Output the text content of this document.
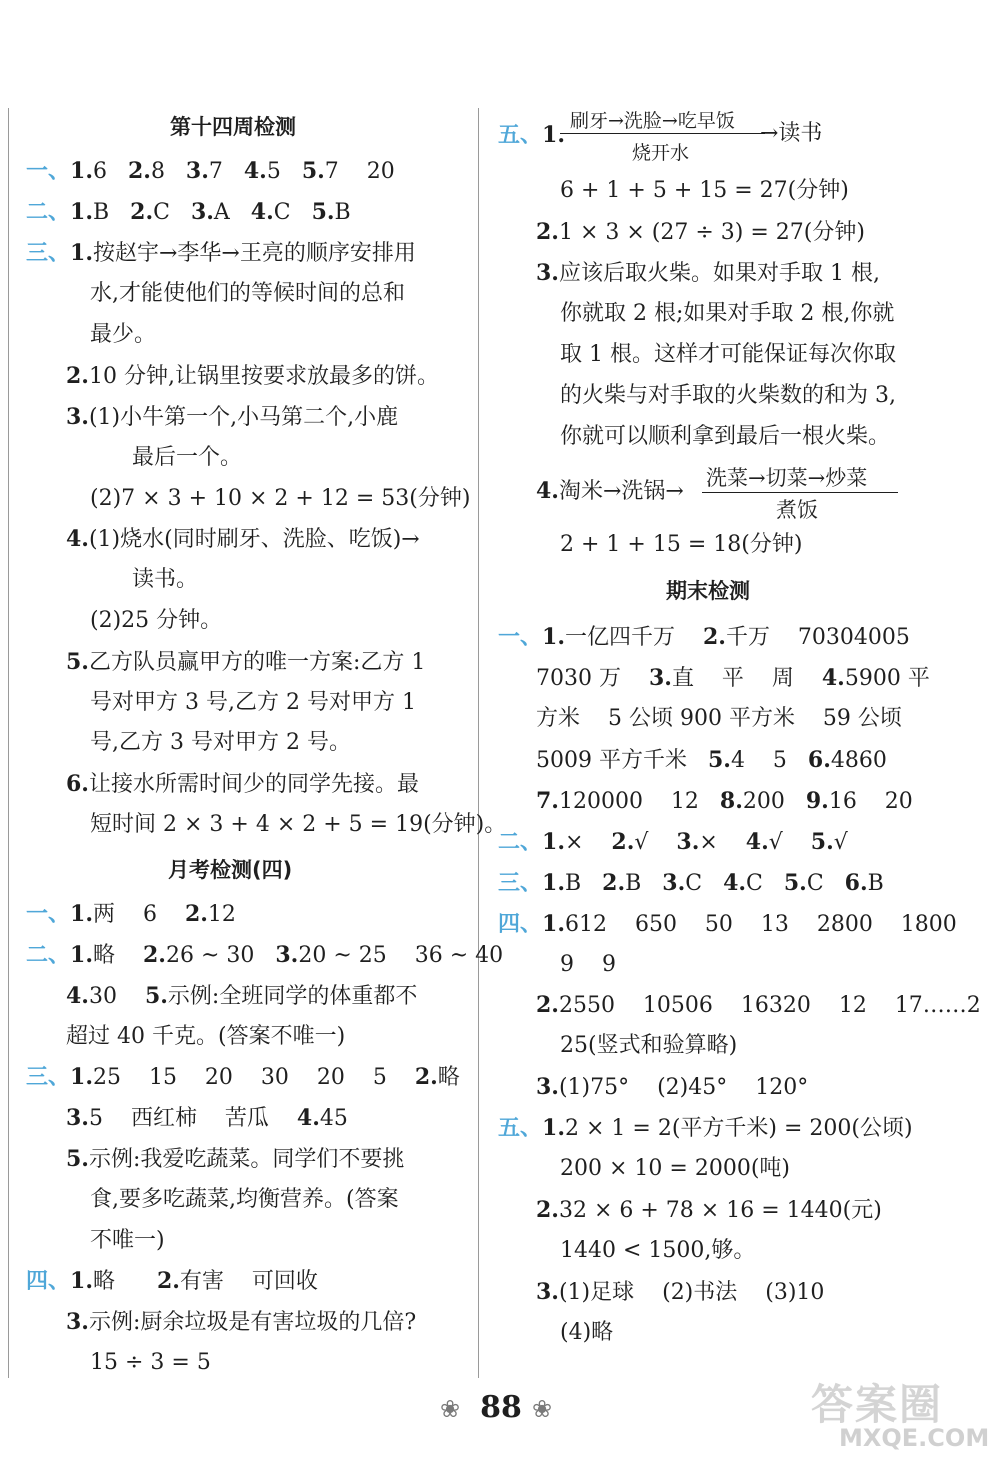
第十四周检测
一、1.6 2.8 3.7 4.5 5.7    20
二、1.B 2.C 3.A 4.C 5.B
三、1.按赵宇→李华→王亮的顺序安排用
水,才能使他们的等候时间的总和
最少。
2.10 分钟,让锅里按要求放最多的饼。
3.(1)小牛第一个,小马第二个,小鹿
最后一个。
(2)7 × 3 + 10 × 2 + 12 = 53(分钟)
4.(1)烧水(同时刷牙、洗脸、吃饭)→
读书。
(2)25 分钟。
5.乙方队员赢甲方的唯一方案:乙方 1
号对甲方 3 号,乙方 2 号对甲方 1
号,乙方 3 号对甲方 2 号。
6.让接水所需时间少的同学先接。最
短时间 2 × 3 + 4 × 2 + 5 = 19(分钟)。
月考检测(四)
一、1.两    6 2.12
二、1.略 2.26 ~ 30 3.20 ~ 25    36 ~ 40
4.30 5.示例:全班同学的体重都不
超过 40 千克。(答案不唯一)
三、1.25    15    20    30    20    5 2.略
3.5    西红柿    苦瓜 4.45
5.示例:我爱吃蔬菜。同学们不要挑
食,要多吃蔬菜,均衡营养。(答案
不唯一)
四、1.略 2.有害    可回收
3.示例:厨余垃圾是有害垃圾的几倍?
15 ÷ 3 = 5
五、1.
刷牙→洗脸→吃早饭
烧开水
→读书
6 + 1 + 5 + 15 = 27(分钟)
2.1 × 3 × (27 ÷ 3) = 27(分钟)
3.应该后取火柴。如果对手取 1 根,
你就取 2 根;如果对手取 2 根,你就
取 1 根。这样才可能保证每次你取
的火柴与对手取的火柴数的和为 3,
你就可以顺利拿到最后一根火柴。
4.淘米→洗锅→
洗菜→切菜→炒菜
煮饭
2 + 1 + 15 = 18(分钟)
期末检测
一、1.一亿四千万 2.千万    70304005
7030 万 3.直    平    周 4.5900 平
方米    5 公顷 900 平方米    59 公顷
5009 平方千米 5.4    5 6.4860
7.120000    12 8.200 9.16    20
二、1.× 2.√ 3.× 4.√ 5.√
三、1.B 2.B 3.C 4.C 5.C 6.B
四、1.612    650    50    13    2800    1800
9    9
2.2550    10506    16320    12    17……2
25(竖式和验算略)
3.(1)75°    (2)45°    120°
五、1.2 × 1 = 2(平方千米) = 200(公顷)
200 × 10 = 2000(吨)
2.32 × 6 + 78 × 16 = 1440(元)
1440 < 1500,够。
3.(1)足球    (2)书法    (3)10
(4)略
❀ 88 ❀	答案圈
MXQE.COM
